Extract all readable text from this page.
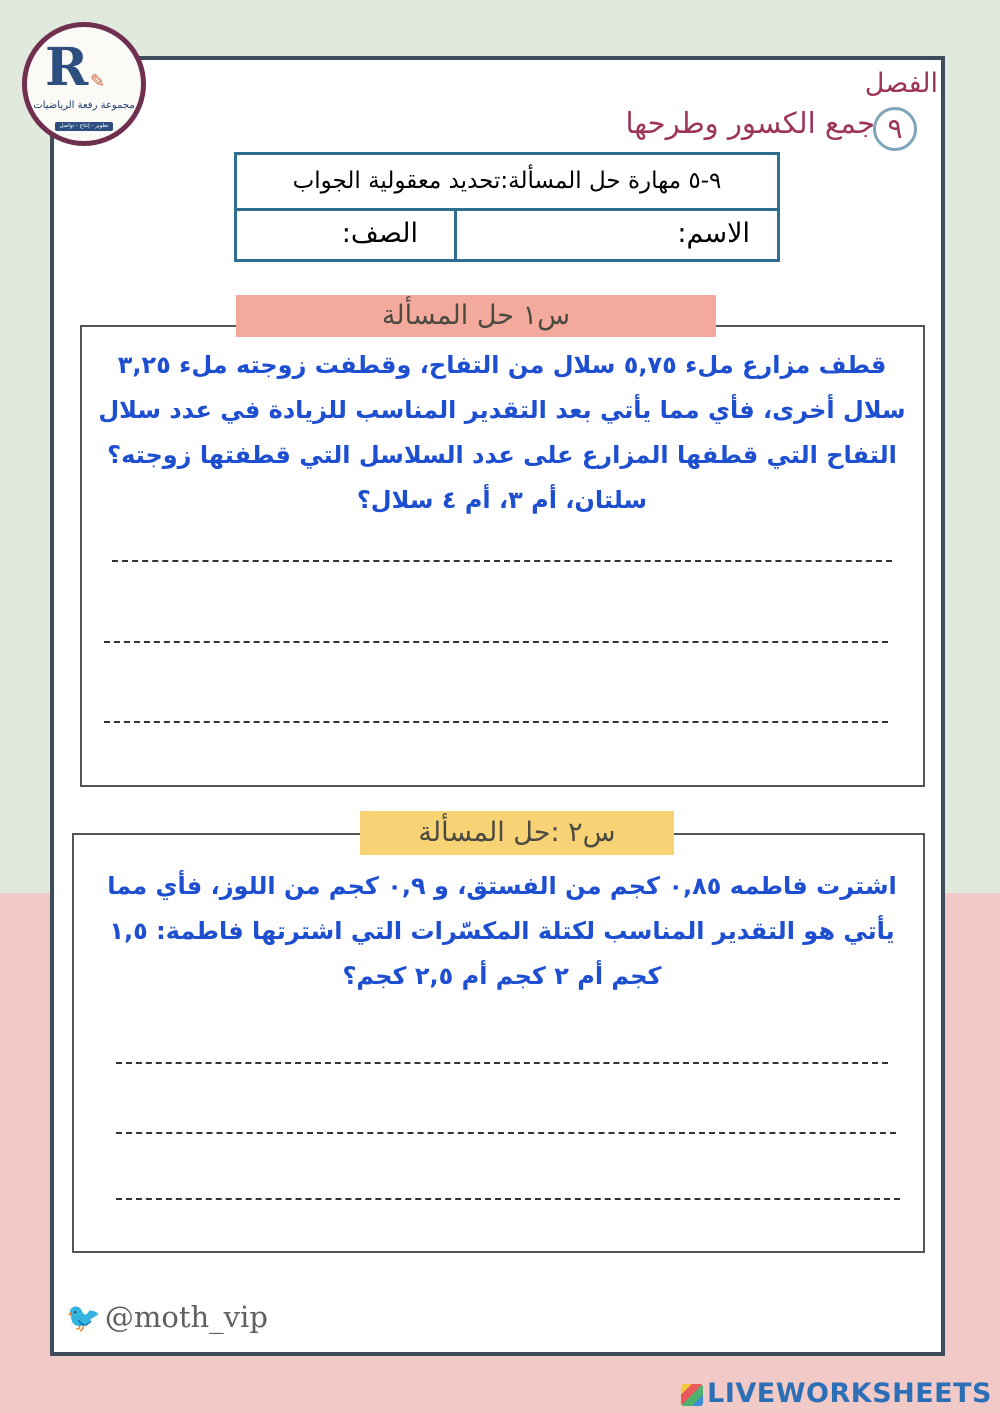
R ✎
مجموعة رفعة الرياضيات
تطوير - إنتاج - تواصل
الفصل
جمع الكسور وطرحها ٩
٩-٥ مهارة حل المسألة:تحديد معقولية الجواب
الاسم:
الصف:
س١ حل المسألة
قطف مزارع ملء ٥,٧٥ سلال من التفاح، وقطفت زوجته ملء ٣,٢٥ سلال أخرى، فأي مما يأتي بعد التقدير المناسب للزيادة في عدد سلال التفاح التي قطفها المزارع على عدد السلاسل التي قطفتها زوجته؟ سلتان، أم ٣، أم ٤ سلال؟
س٢ :حل المسألة
اشترت فاطمه ٠,٨٥ كجم من الفستق، و ٠,٩ كجم من اللوز، فأي مما يأتي هو التقدير المناسب لكتلة المكسّرات التي اشترتها فاطمة: ١,٥ كجم أم ٢ كجم أم ٢,٥ كجم؟
🐦 @moth_vip
LIVEWORKSHEETS
